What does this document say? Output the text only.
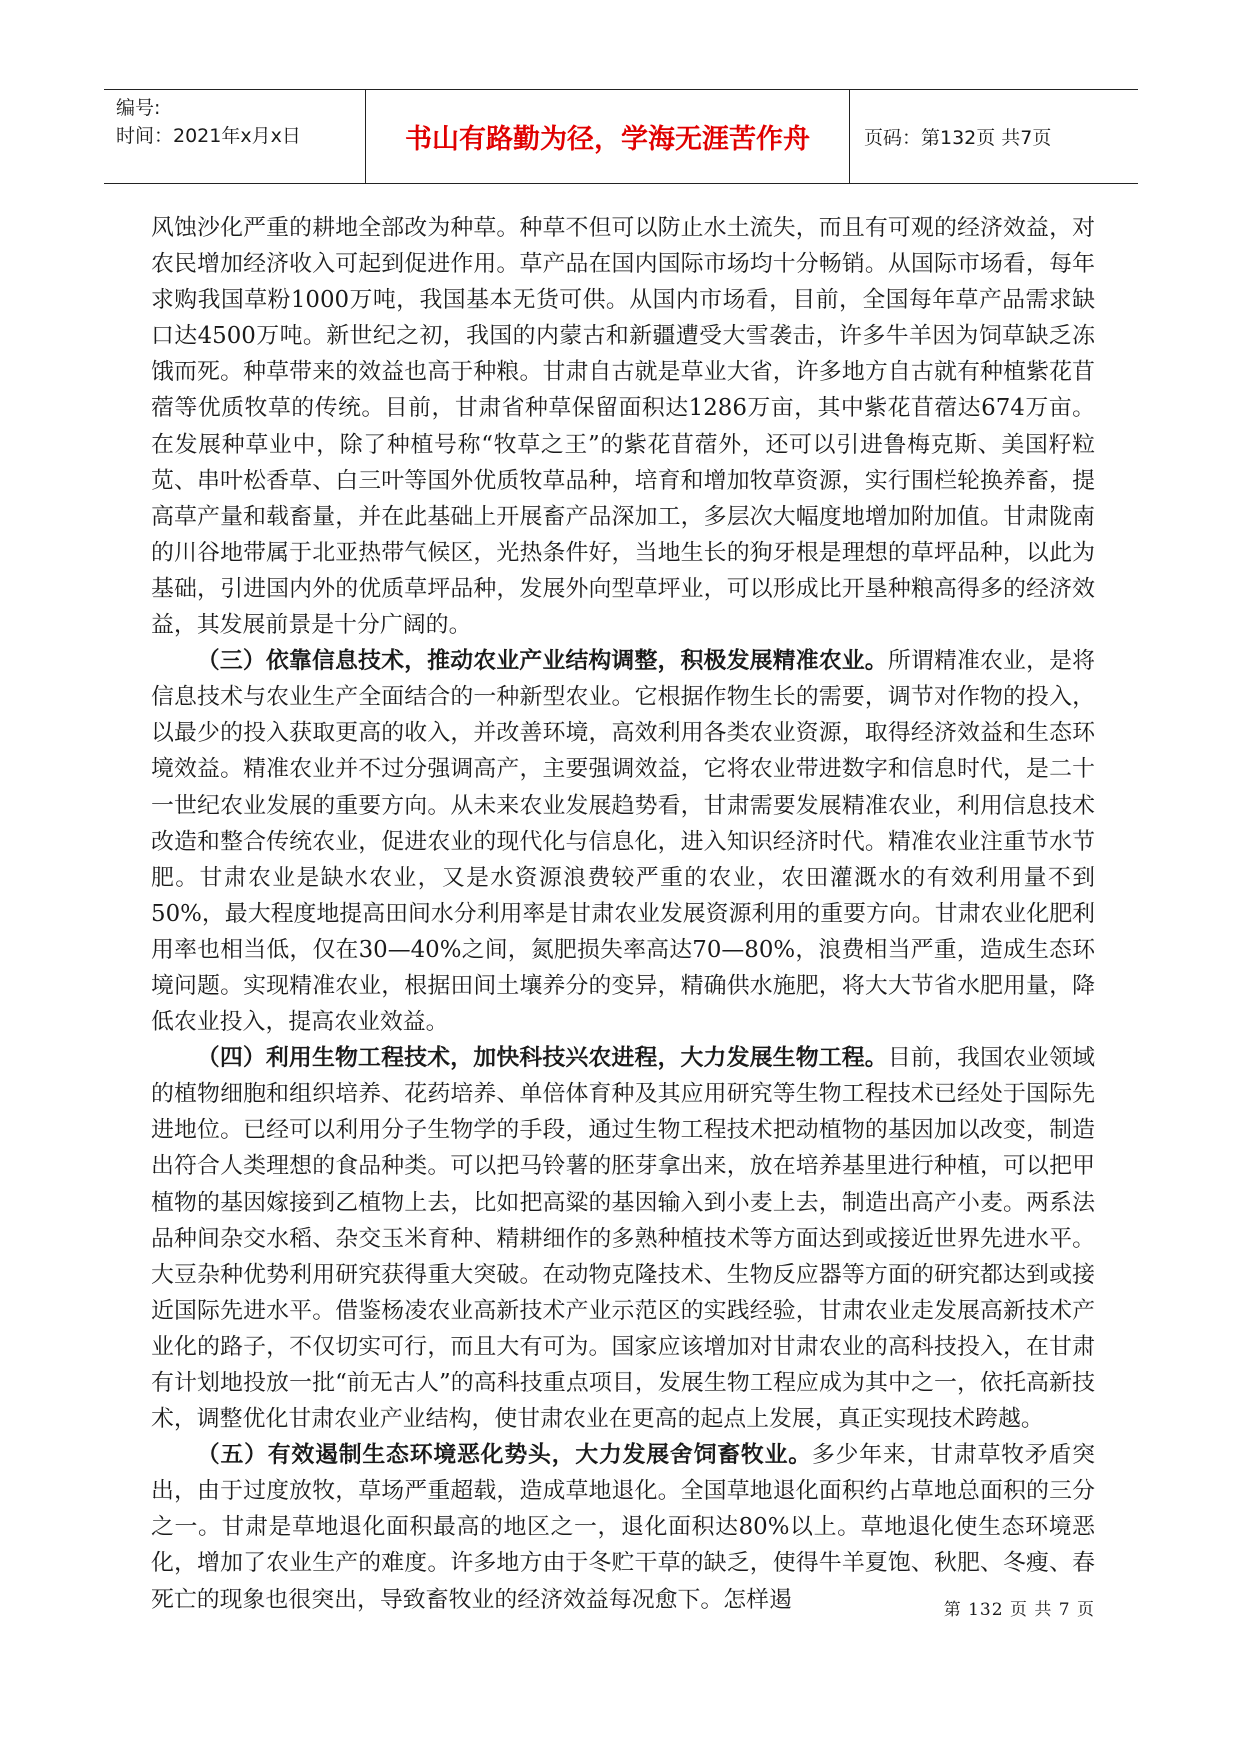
编号:
时间：2021年x月x日	书山有路勤为径，学海无涯苦作舟	页码：第132页 共7页

风蚀沙化严重的耕地全部改为种草。种草不但可以防止水土流失，而且有可观的经济效益，对农民增加经济收入可起到促进作用。草产品在国内国际市场均十分畅销。从国际市场看，每年求购我国草粉1000万吨，我国基本无货可供。从国内市场看，目前，全国每年草产品需求缺口达4500万吨。新世纪之初，我国的内蒙古和新疆遭受大雪袭击，许多牛羊因为饲草缺乏冻饿而死。种草带来的效益也高于种粮。甘肃自古就是草业大省，许多地方自古就有种植紫花苜蓿等优质牧草的传统。目前，甘肃省种草保留面积达1286万亩，其中紫花苜蓿达674万亩。 在发展种草业中，除了种植号称“牧草之王”的紫花苜蓿外，还可以引进鲁梅克斯、美国籽粒苋、串叶松香草、白三叶等国外优质牧草品种，培育和增加牧草资源，实行围栏轮换养畜，提高草产量和载畜量，并在此基础上开展畜产品深加工，多层次大幅度地增加附加值。甘肃陇南的川谷地带属于北亚热带气候区，光热条件好，当地生长的狗牙根是理想的草坪品种，以此为基础，引进国内外的优质草坪品种，发展外向型草坪业，可以形成比开垦种粮高得多的经济效益，其发展前景是十分广阔的。

（三）依靠信息技术，推动农业产业结构调整，积极发展精准农业。所谓精准农业，是将信息技术与农业生产全面结合的一种新型农业。它根据作物生长的需要，调节对作物的投入，以最少的投入获取更高的收入，并改善环境，高效利用各类农业资源，取得经济效益和生态环境效益。精准农业并不过分强调高产，主要强调效益，它将农业带进数字和信息时代，是二十一世纪农业发展的重要方向。从未来农业发展趋势看，甘肃需要发展精准农业，利用信息技术改造和整合传统农业，促进农业的现代化与信息化，进入知识经济时代。精准农业注重节水节肥。甘肃农业是缺水农业，又是水资源浪费较严重的农业，农田灌溉水的有效利用量不到50%，最大程度地提高田间水分利用率是甘肃农业发展资源利用的重要方向。甘肃农业化肥利用率也相当低，仅在30—40%之间，氮肥损失率高达70—80%，浪费相当严重，造成生态环境问题。实现精准农业，根据田间土壤养分的变异，精确供水施肥，将大大节省水肥用量，降低农业投入，提高农业效益。

（四）利用生物工程技术，加快科技兴农进程，大力发展生物工程。目前，我国农业领域的植物细胞和组织培养、花药培养、单倍体育种及其应用研究等生物工程技术已经处于国际先进地位。已经可以利用分子生物学的手段，通过生物工程技术把动植物的基因加以改变，制造出符合人类理想的食品种类。可以把马铃薯的胚芽拿出来，放在培养基里进行种植，可以把甲植物的基因嫁接到乙植物上去，比如把高粱的基因输入到小麦上去，制造出高产小麦。两系法品种间杂交水稻、杂交玉米育种、精耕细作的多熟种植技术等方面达到或接近世界先进水平。大豆杂种优势利用研究获得重大突破。在动物克隆技术、生物反应器等方面的研究都达到或接近国际先进水平。借鉴杨凌农业高新技术产业示范区的实践经验，甘肃农业走发展高新技术产业化的路子，不仅切实可行，而且大有可为。国家应该增加对甘肃农业的高科技投入，在甘肃有计划地投放一批“前无古人”的高科技重点项目，发展生物工程应成为其中之一，依托高新技术，调整优化甘肃农业产业结构，使甘肃农业在更高的起点上发展，真正实现技术跨越。

（五）有效遏制生态环境恶化势头，大力发展舍饲畜牧业。多少年来，甘肃草牧矛盾突出，由于过度放牧，草场严重超载，造成草地退化。全国草地退化面积约占草地总面积的三分之一。甘肃是草地退化面积最高的地区之一，退化面积达80%以上。草地退化使生态环境恶化，增加了农业生产的难度。许多地方由于冬贮干草的缺乏，使得牛羊夏饱、秋肥、冬瘦、春死亡的现象也很突出，导致畜牧业的经济效益每况愈下。怎样遏	第 132 页 共 7 页
